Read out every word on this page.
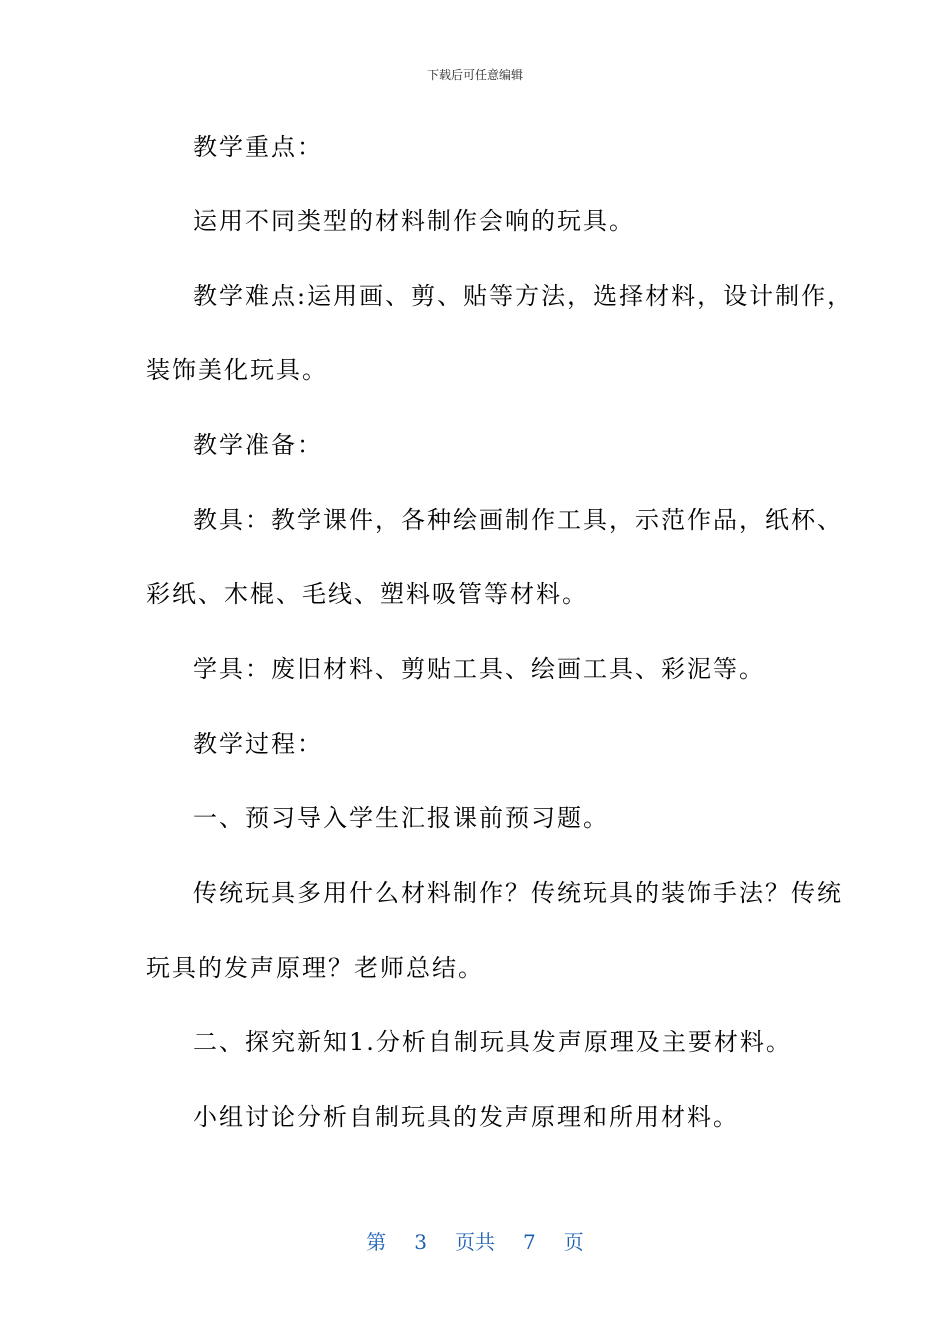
下载后可任意编辑
教学重点：
运用不同类型的材料制作会响的玩具。
教学难点:运用画、剪、贴等方法，选择材料，设计制作，
装饰美化玩具。
教学准备：
教具：教学课件，各种绘画制作工具，示范作品，纸杯、
彩纸、木棍、毛线、塑料吸管等材料。
学具：废旧材料、剪贴工具、绘画工具、彩泥等。
教学过程：
一、预习导入学生汇报课前预习题。
传统玩具多用什么材料制作？传统玩具的装饰手法？传统
玩具的发声原理？老师总结。
二、探究新知1.分析自制玩具发声原理及主要材料。
小组讨论分析自制玩具的发声原理和所用材料。
第 3 页共 7 页
